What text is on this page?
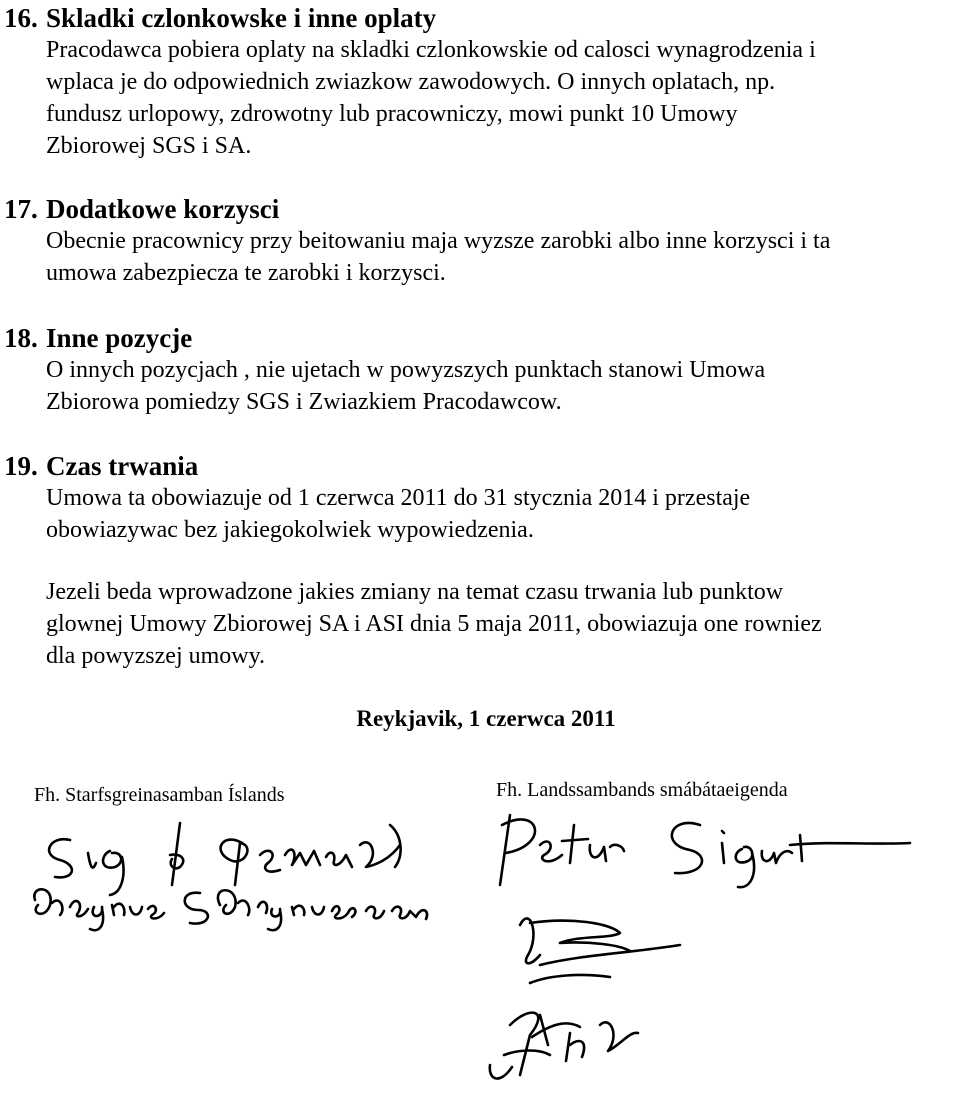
16. Skladki czlonkowske i inne oplaty

Pracodawca pobiera oplaty na skladki czlonkowskie od calosci wynagrodzenia i
wplaca je do odpowiednich zwiazkow zawodowych. O innych oplatach, np.
fundusz urlopowy, zdrowotny lub pracowniczy, mowi punkt 10 Umowy
Zbiorowej SGS i SA.

17. Dodatkowe korzysci

Obecnie pracownicy przy beitowaniu maja wyzsze zarobki albo inne korzysci i ta
umowa zabezpiecza te zarobki i korzysci.

18. Inne pozycje

O innych pozycjach , nie ujetach w powyzszych punktach stanowi Umowa
Zbiorowa pomiedzy SGS i Zwiazkiem Pracodawcow.

19. Czas trwania

Umowa ta obowiazuje od 1 czerwca 2011 do 31 stycznia 2014 i przestaje
obowiazywac bez jakiegokolwiek wypowiedzenia.
Jezeli beda wprowadzone jakies zmiany na temat czasu trwania lub punktow
glownej Umowy Zbiorowej SA i ASI dnia 5 maja 2011, obowiazuja one rowniez
dla powyzszej umowy.
Reykjavik, 1 czerwca 2011
Fh. Starfsgreinasamban Íslands	Fh. Landssambands smábátaeigenda
